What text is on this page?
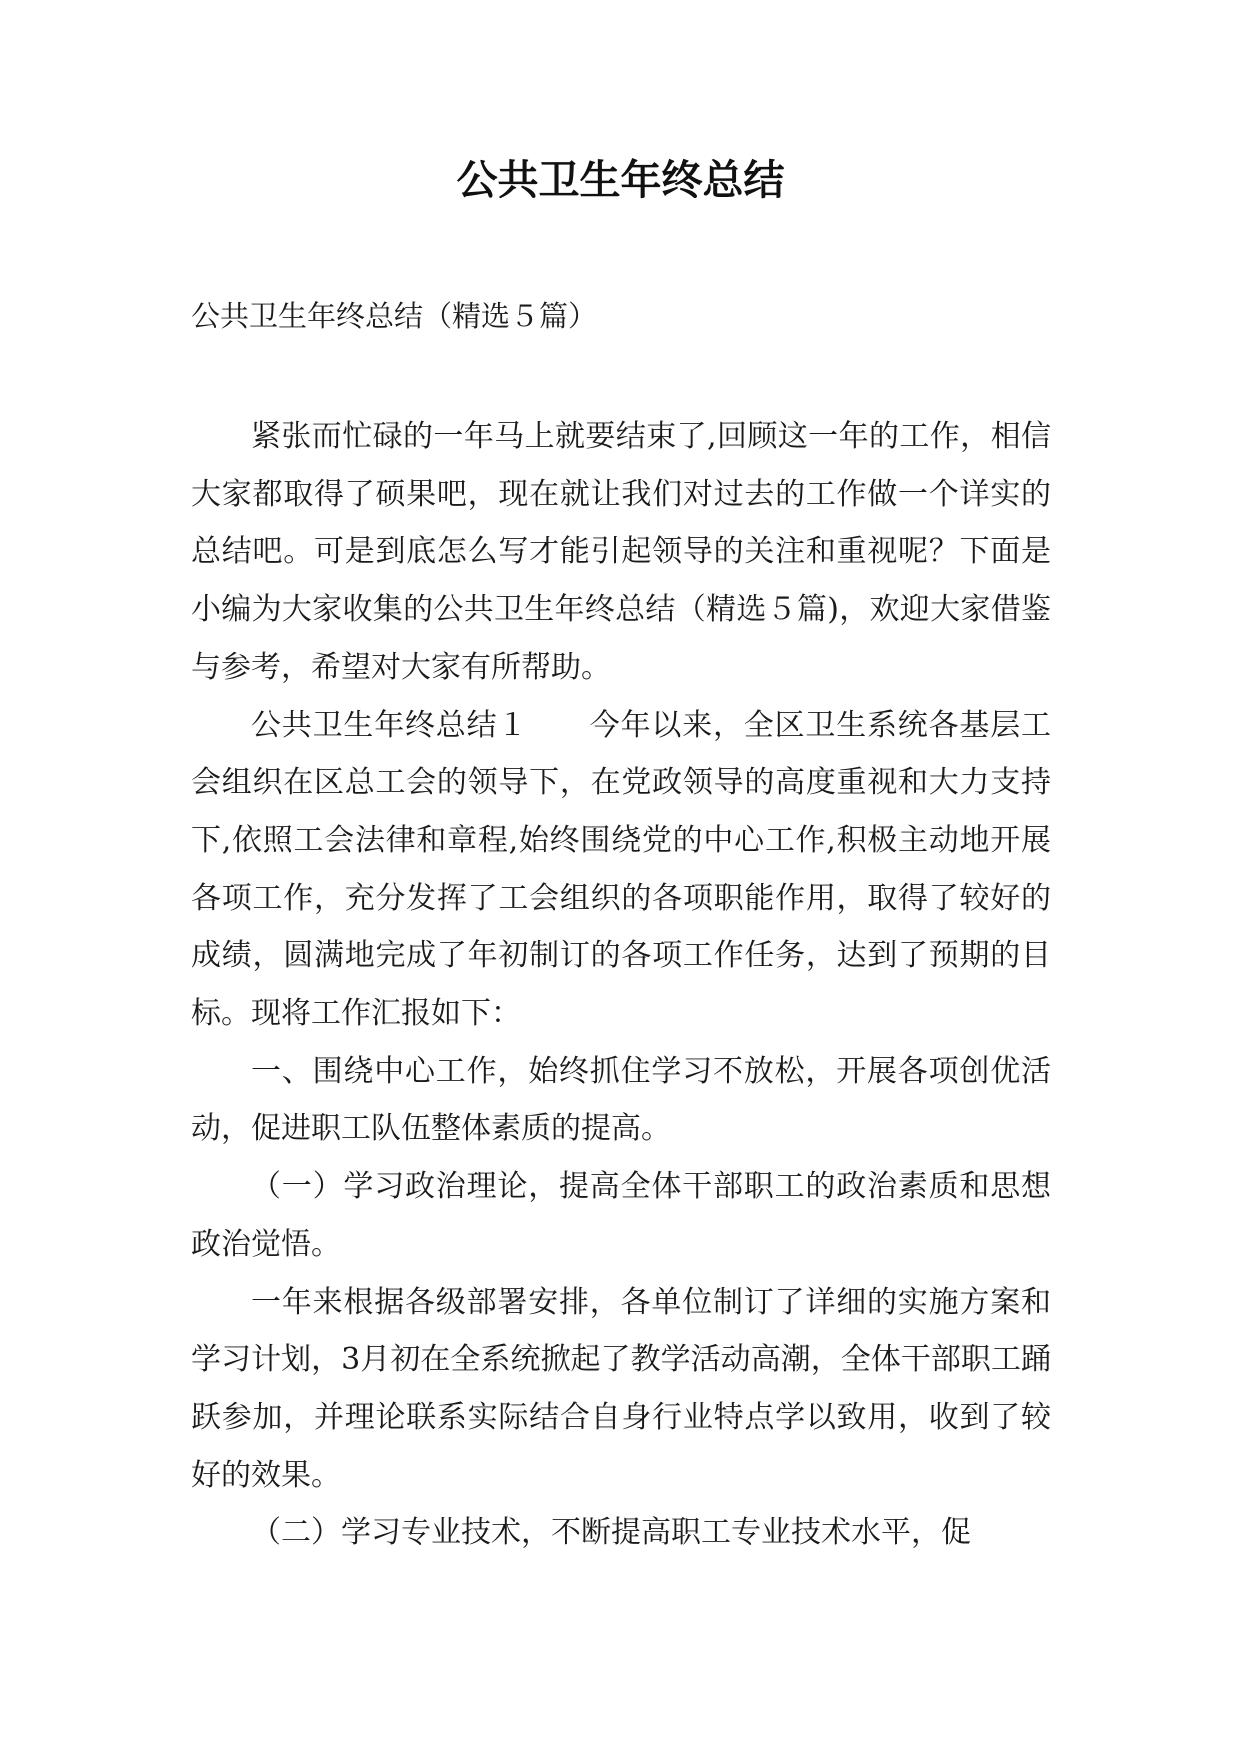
公共卫生年终总结
公共卫生年终总结（精选５篇）

紧张而忙碌的一年马上就要结束了,回顾这一年的工作，相信大家都取得了硕果吧，现在就让我们对过去的工作做一个详实的总结吧。可是到底怎么写才能引起领导的关注和重视呢？下面是小编为大家收集的公共卫生年终总结（精选５篇)，欢迎大家借鉴与参考，希望对大家有所帮助。

公共卫生年终总结１　　今年以来，全区卫生系统各基层工会组织在区总工会的领导下，在党政领导的高度重视和大力支持下,依照工会法律和章程,始终围绕党的中心工作,积极主动地开展各项工作，充分发挥了工会组织的各项职能作用，取得了较好的成绩，圆满地完成了年初制订的各项工作任务，达到了预期的目标。现将工作汇报如下：

一、围绕中心工作，始终抓住学习不放松，开展各项创优活动，促进职工队伍整体素质的提高。

（一）学习政治理论，提高全体干部职工的政治素质和思想政治觉悟。

一年来根据各级部署安排，各单位制订了详细的实施方案和学习计划，3月初在全系统掀起了教学活动高潮，全体干部职工踊跃参加，并理论联系实际结合自身行业特点学以致用，收到了较好的效果。

（二）学习专业技术，不断提高职工专业技术水平，促
